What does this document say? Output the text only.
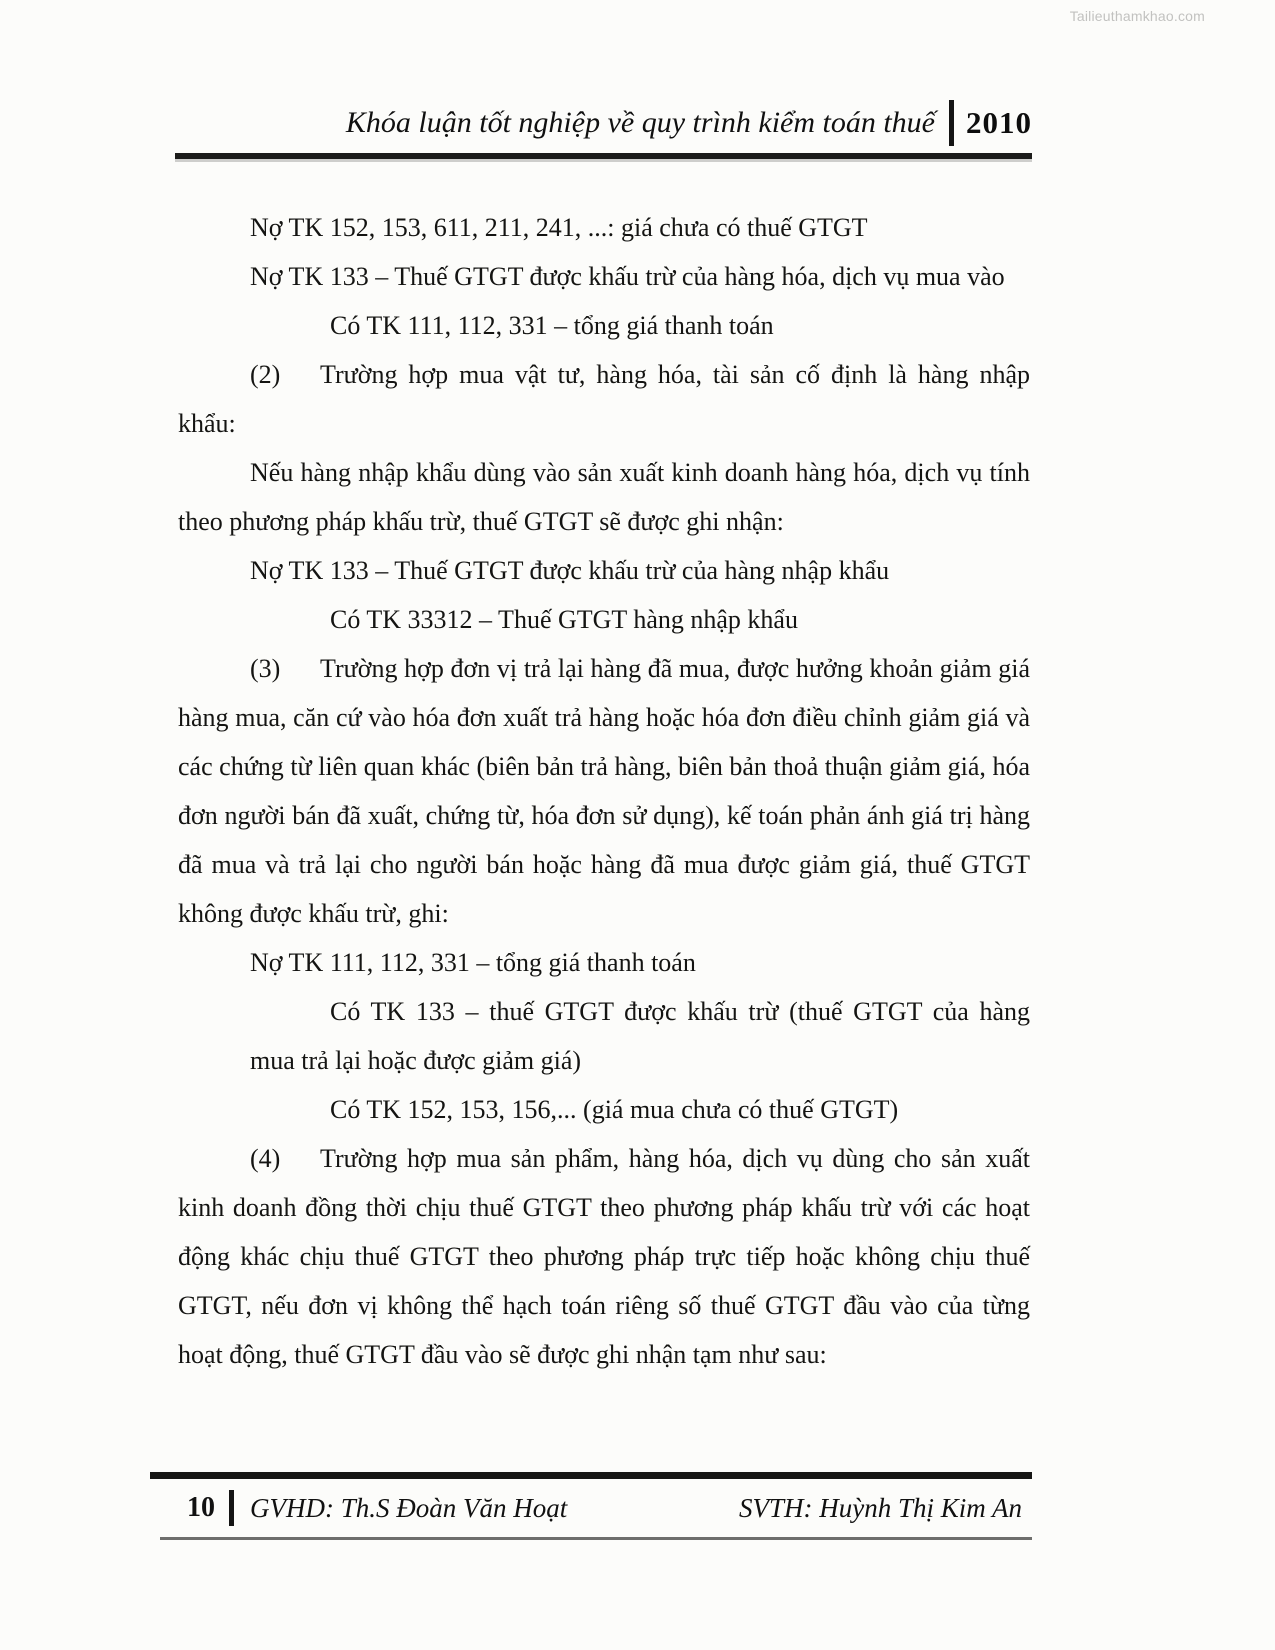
Tailieuthamkhao.com
Khóa luận tốt nghiệp về quy trình kiểm toán thuế 2010

Nợ TK 152, 153, 611, 211, 241, ...: giá chưa có thuế GTGT

Nợ TK 133 – Thuế GTGT được khấu trừ của hàng hóa, dịch vụ mua vào

Có TK 111, 112, 331 – tổng giá thanh toán

(2) Trường hợp mua vật tư, hàng hóa, tài sản cố định là hàng nhập khẩu:

Nếu hàng nhập khẩu dùng vào sản xuất kinh doanh hàng hóa, dịch vụ tính theo phương pháp khấu trừ, thuế GTGT sẽ được ghi nhận:

Nợ TK 133 – Thuế GTGT được khấu trừ của hàng nhập khẩu

Có TK 33312 – Thuế GTGT hàng nhập khẩu

(3) Trường hợp đơn vị trả lại hàng đã mua, được hưởng khoản giảm giá hàng mua, căn cứ vào hóa đơn xuất trả hàng hoặc hóa đơn điều chỉnh giảm giá và các chứng từ liên quan khác (biên bản trả hàng, biên bản thoả thuận giảm giá, hóa đơn người bán đã xuất, chứng từ, hóa đơn sử dụng), kế toán phản ánh giá trị hàng đã mua và trả lại cho người bán hoặc hàng đã mua được giảm giá, thuế GTGT không được khấu trừ, ghi:

Nợ TK 111, 112, 331 – tổng giá thanh toán

Có TK 133 – thuế GTGT được khấu trừ (thuế GTGT của hàng mua trả lại hoặc được giảm giá)

Có TK 152, 153, 156,... (giá mua chưa có thuế GTGT)

(4) Trường hợp mua sản phẩm, hàng hóa, dịch vụ dùng cho sản xuất kinh doanh đồng thời chịu thuế GTGT theo phương pháp khấu trừ với các hoạt động khác chịu thuế GTGT theo phương pháp trực tiếp hoặc không chịu thuế GTGT, nếu đơn vị không thể hạch toán riêng số thuế GTGT đầu vào của từng hoạt động, thuế GTGT đầu vào sẽ được ghi nhận tạm như sau:

10	GVHD: Th.S Đoàn Văn Hoạt	SVTH: Huỳnh Thị Kim An
